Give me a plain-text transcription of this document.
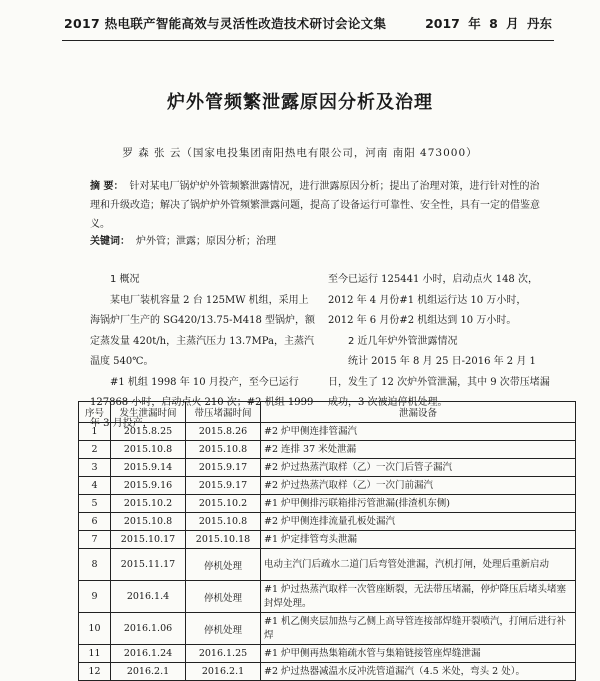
2017 热电联产智能高效与灵活性改造技术研讨会论文集	2017 年 8 月 丹东
炉外管频繁泄露原因分析及治理
罗 森 张 云（国家电投集团南阳热电有限公司，河南 南阳 473000）
摘 要： 针对某电厂锅炉炉外管频繁泄露情况，进行泄露原因分析；提出了治理对策，进行针对性的治理和升级改造；解决了锅炉炉外管频繁泄露问题，提高了设备运行可靠性、安全性，具有一定的借鉴意义。
关键词： 炉外管；泄露；原因分析；治理

1 概况

某电厂装机容量 2 台 125MW 机组，采用上海锅炉厂生产的 SG420/13.75-M418 型锅炉，额定蒸发量 420t/h，主蒸汽压力 13.7MPa，主蒸汽温度 540℃。

#1 机组 1998 年 10 月投产，至今已运行 127868 小时，启动点火 210 次；#2 机组 1999 年 3 月投产，

至今已运行 125441 小时，启动点火 148 次，2012 年 4 月份#1 机组运行达 10 万小时，2012 年 6 月份#2 机组达到 10 万小时。

2 近几年炉外管泄露情况

统计 2015 年 8 月 25 日-2016 年 2 月 1 日，发生了 12 次炉外管泄漏，其中 9 次带压堵漏成功，3 次被迫停机处理。

序号	发生泄漏时间	带压堵漏时间	泄漏设备
1	2015.8.25	2015.8.26	#2 炉甲侧连排管漏汽
2	2015.10.8	2015.10.8	#2 连排 37 米处泄漏
3	2015.9.14	2015.9.17	#2 炉过热蒸汽取样（乙）一次门后管子漏汽
4	2015.9.16	2015.9.17	#2 炉过热蒸汽取样（乙）一次门前漏汽
5	2015.10.2	2015.10.2	#1 炉甲侧排污联箱排污管泄漏(排渣机东侧)
6	2015.10.8	2015.10.8	#2 炉甲侧连排流量孔板处漏汽
7	2015.10.17	2015.10.18	#1 炉定排管弯头泄漏
8	2015.11.17	停机处理	电动主汽门后疏水二道门后弯管处泄漏，汽机打闸，处理后重新启动
9	2016.1.4	停机处理	#1 炉过热蒸汽取样一次管座断裂，无法带压堵漏，停炉降压后堵头堵塞封焊处理。
10	2016.1.06	停机处理	#1 机乙侧夹层加热与乙侧上高导管连接部焊缝开裂喷汽，打闸后进行补焊
11	2016.1.24	2016.1.25	#1 炉甲侧再热集箱疏水管与集箱链接管座焊缝泄漏
12	2016.2.1	2016.2.1	#2 炉过热器减温水反冲洗管道漏汽（4.5 米处，弯头 2 处）。
